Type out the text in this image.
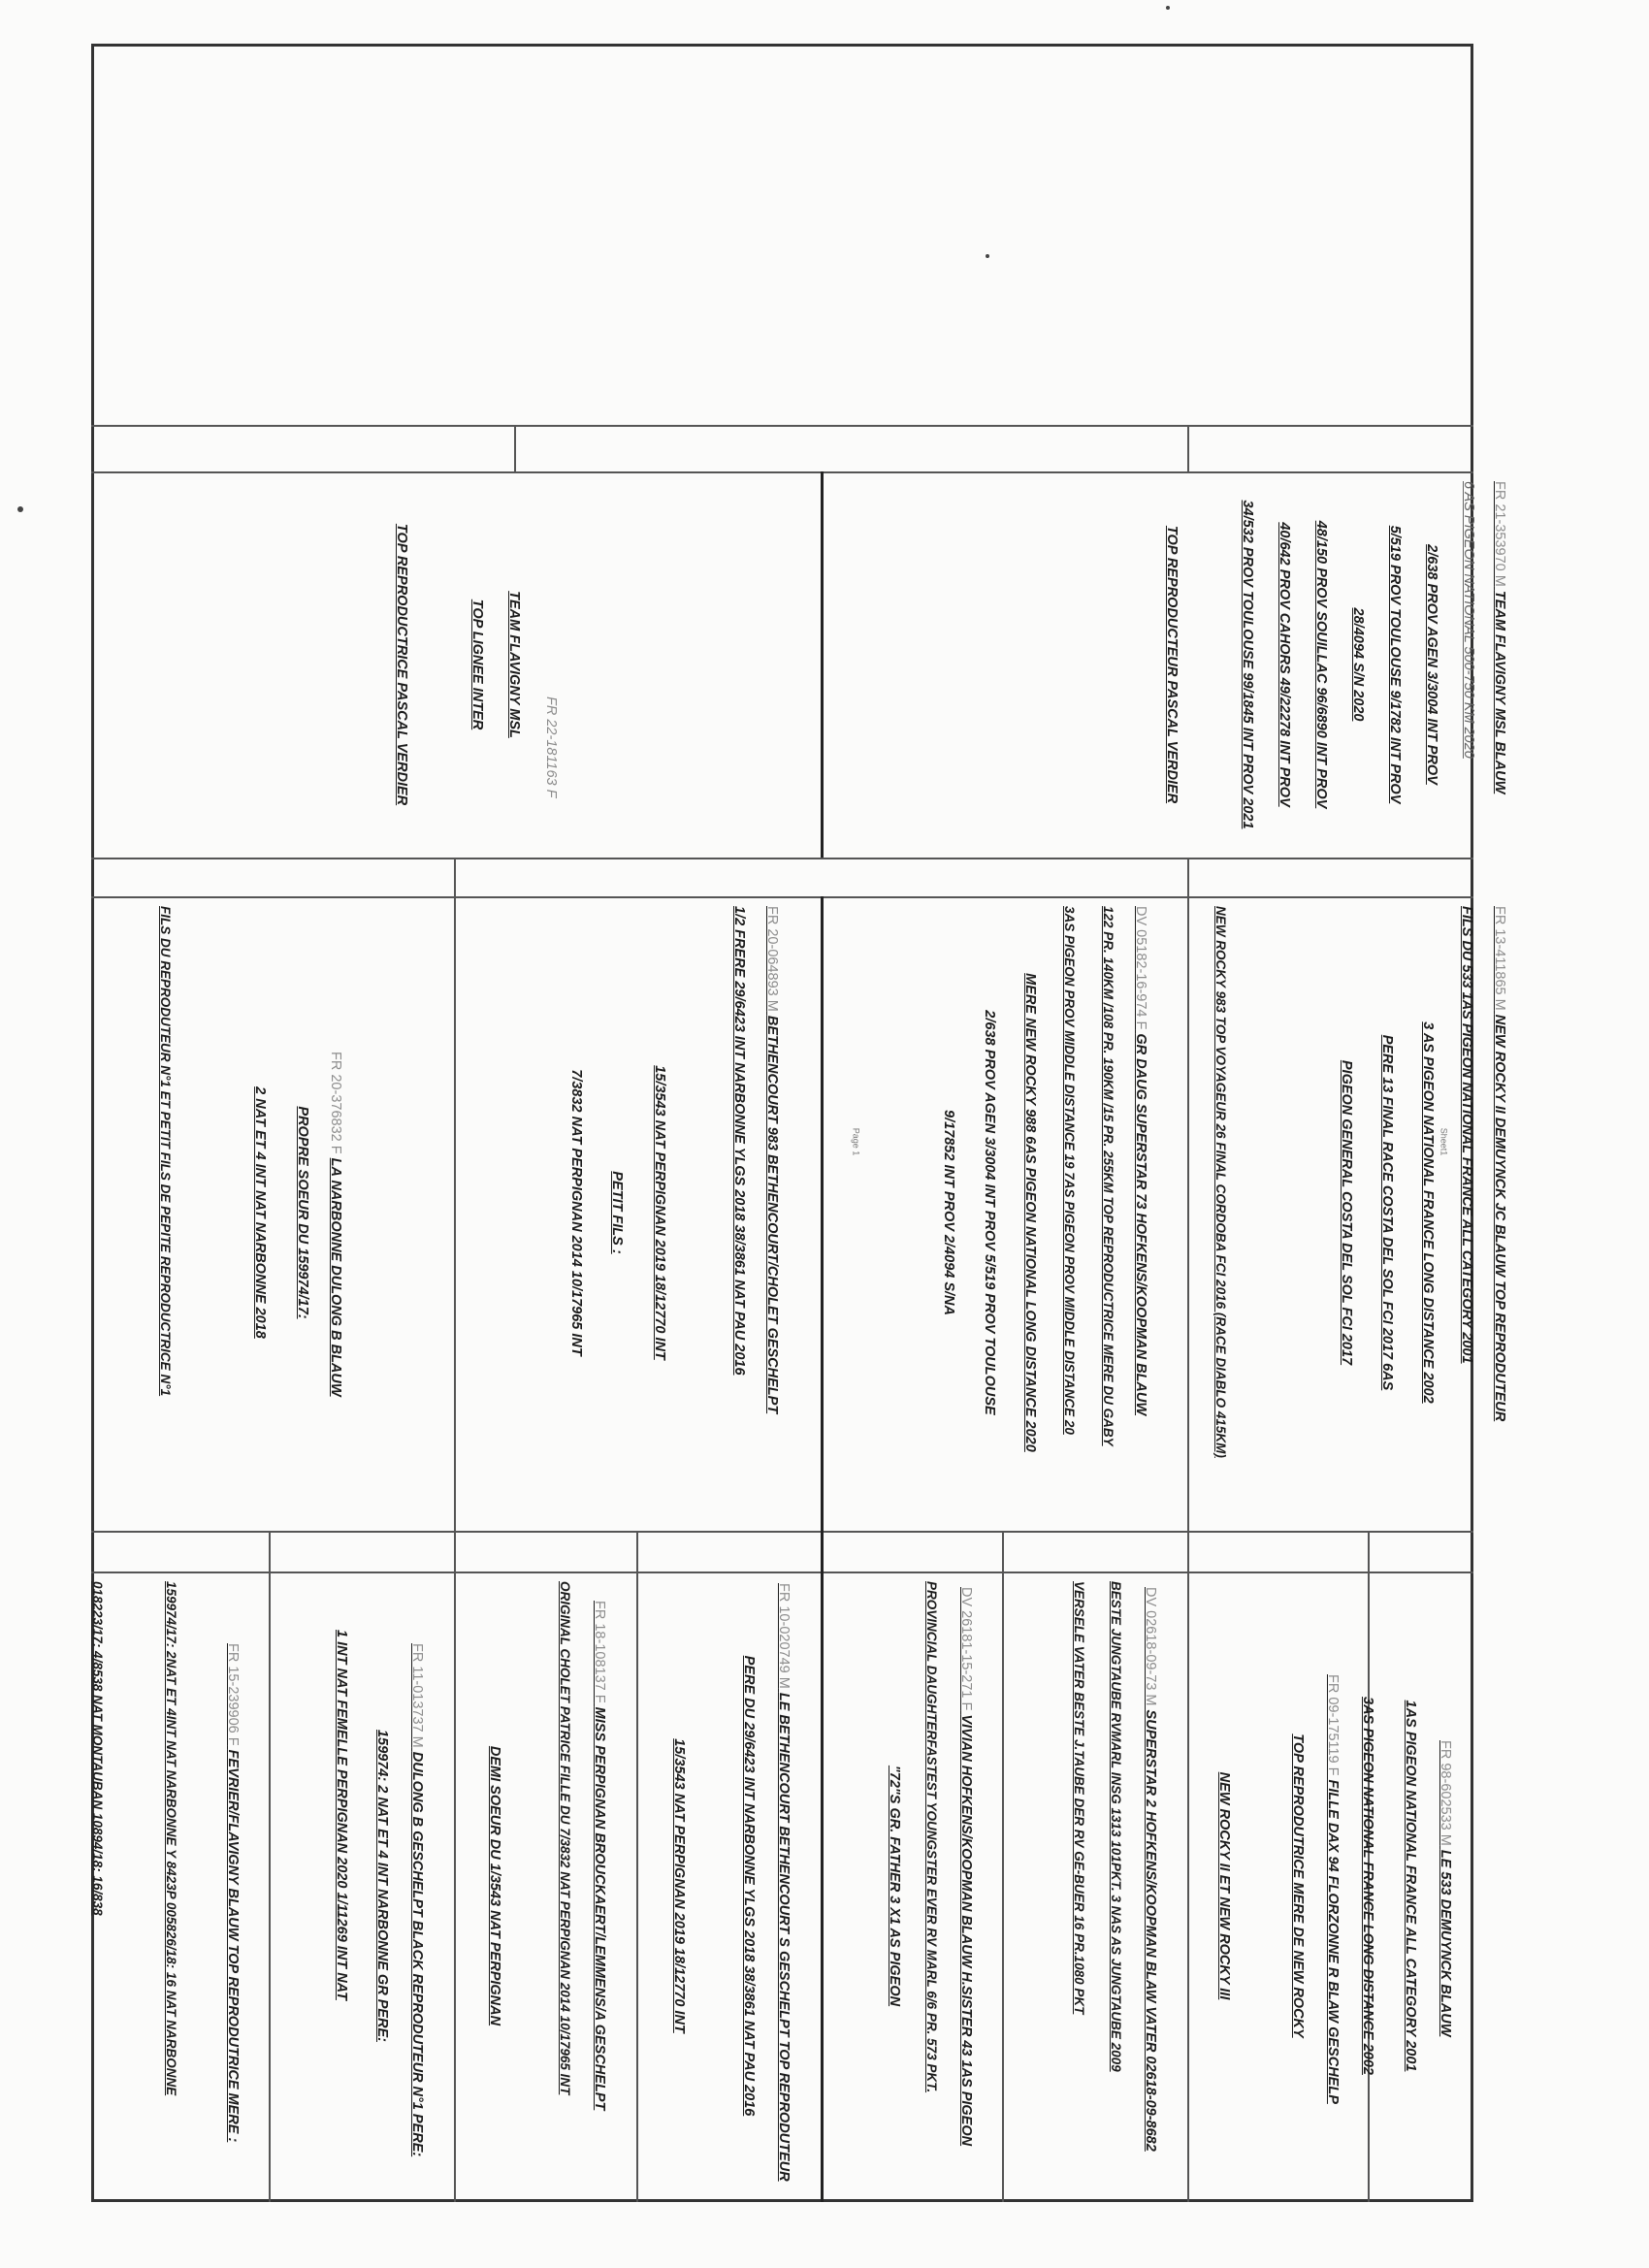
Page 1	Sheet1
FR 21-353970 M TEAM FLAVIGNY MSL BLAUW
6 AS PIGEON NATIONAL 500-750 KM 2020
2/638 PROV AGEN 3/3004 INT PROV
5/519 PROV TOULOUSE 9/1782 INT PROV
28/4094 S/N 2020
48/150 PROV SOUILLAC 96/6890 INT PROV
40/642 PROV CAHORS 49/22278 INT PROV
34/532 PROV TOULOUSE 99/1845 INT PROV 2021
TOP REPRODUCTEUR PASCAL VERDIER
FR 22-181163 F
TEAM FLAVIGNY MSL
TOP LIGNEE INTER
TOP REPRODUCTRICE PASCAL VERDIER
FR 13-411865 M NEW ROCKY II DEMUYNCK JC BLAUW TOP REPRODUTEUR
FILS DU 533 1AS PIGEON NATIONAL FRANCE ALL CATEGORY 2001
3 AS PIGEON NATIONAL FRANCE LONG DISTANCE 2002
PERE 13 FINAL RACE COSTA DEL SOL FCI 2017 6AS
PIGEON GENERAL COSTA DEL SOL FCI 2017
NEW ROCKY 983 TOP VOYAGEUR 26 FINAL CORDOBA FCI 2016 (RACE DIABLO 415KM)
DV 05182-16-974 F GR DAUG SUPERSTAR 73 HOFKENS/KOOPMAN BLAUW
122 PR. 140KM /108 PR. 190KM /15 PR. 255KM TOP REPRODUCTRICE MERE DU GABY
3AS PIGEON PROV MIDDLE DISTANCE 19 7AS PIGEON PROV MIDDLE DISTANCE 20
MERE NEW ROCKY 988 6AS PIGEON NATIONAL LONG DISTANCE 2020
2/638 PROV AGEN 3/3004 INT PROV 5/519 PROV TOULOUSE
9/17852 INT PROV 2/4094 S/NA
FR 20-064893 M BETHENCOURT 983 BETHENCOURT/CHOLET GESCHELPT
1/2 FRERE 29/6423 INT NARBONNE YLGS 2018 38/3861 NAT PAU 2016
15/3543 NAT PERPIGNAN 2019 18/12770 INT
PETIT FILS :
7/3832 NAT PERPIGNAN 2014 10/17965 INT
FR 20-376832 F LA NARBONNE DULONG B BLAUW
PROPRE SOEUR DU 159974/17:
2 NAT ET 4 INT NAT NARBONNE 2018
FILS DU REPRODUTEUR N°1 ET PETIT FILS DE PEPITE REPRODUCTRICE N°1
FR 98-602533 M LE 533 DEMUYNCK BLAUW
1AS PIGEON NATIONAL FRANCE ALL CATEGORY 2001
3AS PIGEON NATIONAL FRANCE LONG DISTANCE 2002
FR 09-175119 F FILLE DAX 94 FLORZONNE R BLAW GESCHELP
TOP REPRODUTRICE MERE DE NEW ROCKY
NEW ROCKY II ET NEW ROCKY III
DV 02618-09-73 M SUPERSTAR 2 HOFKENS/KOOPMAN BLAW VATER 02618-09-8682
BESTE JUNGTAUBE RVMARL INSG 1313 101PKT. 3 NAS AS JUNGTAUBE 2009
VERSELE VATER BESTE J.TAUBE DER RV GE-BUER 16 PR.1080 PKT
DV 26181-15-271 F VIVIAN HOFKENS/KOOPMAN BLAUW H.SISTER 43 1AS PIGEON
PROVINCIAL DAUGHTERFASTEST YOUNGSTER EVER RV MARL 6/6 PR. 573 PKT.
"72"S GR. FATHER 3 X1 AS PIGEON
FR 10-020749 M LE BETHENCOURT BETHENCOURT S GESCHELPT TOP REPRODUTEUR
PERE DU 29/6423 INT NARBONNE YLGS 2018 38/3861 NAT PAU 2016
15/3543 NAT PERPIGNAN 2019 18/12770 INT
FR 18-108137 F MISS PERPIGNAN BROUCKAERT/LEMMENS/A GESCHELPT
ORIGINAL CHOLET PATRICE FILLE DU 7/3832 NAT PERPIGNAN 2014 10/17965 INT
DEMI SOEUR DU 1/3543 NAT PERPIGNAN
FR 11-013737 M DULONG B GESCHELPT BLACK REPRODUTEUR N°1 PERE:
159974: 2 NAT ET 4 INT NARBONNE GR PERE:
1 INT NAT FEMELLE PERPIGNAN 2020 1/11269 INT NAT
FR 15-239906 F FEVRIER/FLAVIGNY BLAUW TOP REPRODUTRICE MERE :
159974/17: 2NAT ET 4INT NAT NARBONNE Y 8423P 005826/18: 16 NAT NARBONNE
018223/17: 4/8538 NAT MONTAUBAN 10894/18: 16/838
